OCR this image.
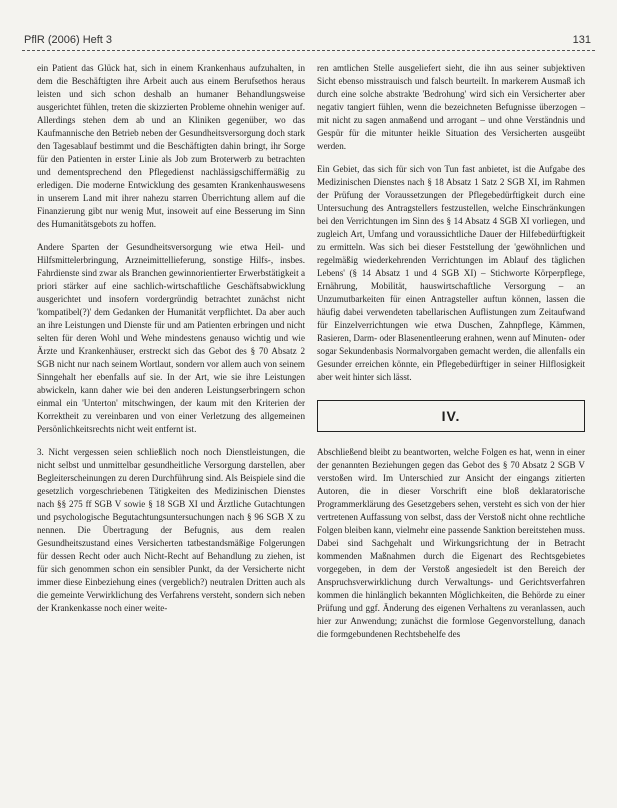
PflR (2006) Heft 3	131

ein Patient das Glück hat, sich in einem Krankenhaus aufzuhalten, in dem die Beschäftigten ihre Arbeit auch aus einem Berufsethos heraus leisten und sich schon deshalb an humaner Behandlungsweise ausgerichtet fühlen, treten die skizzierten Probleme ohnehin weniger auf. Allerdings stehen dem ab und an Kliniken gegenüber, wo das Kaufmannische den Betrieb neben der Gesundheitsversorgung doch stark den Tagesablauf bestimmt und die Beschäftigten dahin bringt, ihr Sorge für den Patienten in erster Linie als Job zum Broterwerb zu betrachten und dementsprechend den Pflegedienst nachlässigschiffermäßig zu erledigen. Die moderne Entwicklung des gesamten Krankenhauswesens in unserem Land mit ihrer nahezu starren Überrichtung allem auf die Finanzierung gibt nur wenig Mut, insoweit auf eine Besserung im Sinn des Humanitätsgebots zu hoffen.

Andere Sparten der Gesundheitsversorgung wie etwa Heil- und Hilfsmittelerbringung, Arzneimittellieferung, sonstige Hilfs-, insbes. Fahrdienste sind zwar als Branchen gewinnorientierter Erwerbstätigkeit a priori stärker auf eine sachlich-wirtschaftliche Geschäftsabwicklung ausgerichtet und insofern vordergründig betrachtet zunächst nicht 'kompatibel(?)' dem Gedanken der Humanität verpflichtet. Da aber auch an ihre Leistungen und Dienste für und am Patienten erbringen und nicht selten für deren Wohl und Wehe mindestens genauso wichtig und wie Ärzte und Krankenhäuser, erstreckt sich das Gebot des § 70 Absatz 2 SGB nicht nur nach seinem Wortlaut, sondern vor allem auch von seinem Sinngehalt her ebenfalls auf sie. In der Art, wie sie ihre Leistungen abwickeln, kann daher wie bei den anderen Leistungserbringern schon einmal ein 'Unterton' mitschwingen, der kaum mit den Kriterien der Korrektheit zu vereinbaren und von einer Verletzung des allgemeinen Persönlichkeitsrechts nicht weit entfernt ist.

3. Nicht vergessen seien schließlich noch noch Dienstleistungen, die nicht selbst und unmittelbar gesundheitliche Versorgung darstellen, aber Begleiterscheinungen zu deren Durchführung sind. Als Beispiele sind die gesetzlich vorgeschriebenen Tätigkeiten des Medizinischen Dienstes nach §§ 275 ff SGB V sowie § 18 SGB XI und Ärztliche Gutachtungen und psychologische Begutachtungsuntersuchungen nach § 96 SGB X zu nennen. Die Übertragung der Befugnis, aus dem realen Gesundheitszustand eines Versicherten tatbestandsmäßige Folgerungen für dessen Recht oder auch Nicht-Recht auf Behandlung zu ziehen, ist für sich genommen schon ein sensibler Punkt, da der Versicherte nicht immer diese Einbeziehung eines (vergeblich?) neutralen Dritten auch als die gemeinte Verwirklichung des Verfahrens versteht, sondern sich neben der Krankenkasse noch einer weite-

ren amtlichen Stelle ausgeliefert sieht, die ihn aus seiner subjektiven Sicht ebenso misstrauisch und falsch beurteilt. In markerem Ausmaß ich durch eine solche abstrakte 'Bedrohung' wird sich ein Versicherter aber negativ tangiert fühlen, wenn die bezeichneten Befugnisse überzogen – mit nicht zu sagen anmaßend und arrogant – und ohne Verständnis und Gespür für die mitunter heikle Situation des Versicherten ausgeübt werden.

Ein Gebiet, das sich für sich von Tun fast anbietet, ist die Aufgabe des Medizinischen Dienstes nach § 18 Absatz 1 Satz 2 SGB XI, im Rahmen der Prüfung der Voraussetzungen der Pflegebedürftigkeit durch eine Untersuchung des Antragstellers festzustellen, welche Einschränkungen bei den Verrichtungen im Sinn des § 14 Absatz 4 SGB XI vorliegen, und zugleich Art, Umfang und voraussichtliche Dauer der Hilfebedürftigkeit zu ermitteln. Was sich bei dieser Feststellung der 'gewöhnlichen und regelmäßig wiederkehrenden Verrichtungen im Ablauf des täglichen Lebens' (§ 14 Absatz 1 und 4 SGB XI) – Stichworte Körperpflege, Ernährung, Mobilität, hauswirtschaftliche Versorgung – an Unzumutbarkeiten für einen Antragsteller auftun können, lassen die häufig dabei verwendeten tabellarischen Auflistungen zum Zeitaufwand für Einzelverrichtungen wie etwa Duschen, Zahnpflege, Kämmen, Rasieren, Darm- oder Blasenentleerung erahnen, wenn auf Minuten- oder sogar Sekundenbasis Normalvorgaben gemacht werden, die allenfalls ein Gesunder erreichen könnte, ein Pflegebedürftiger in seiner Hilflosigkeit aber weit hinter sich lässt.

IV.

Abschließend bleibt zu beantworten, welche Folgen es hat, wenn in einer der genannten Beziehungen gegen das Gebot des § 70 Absatz 2 SGB V verstoßen wird. Im Unterschied zur Ansicht der eingangs zitierten Autoren, die in dieser Vorschrift eine bloß deklaratorische Programmerklärung des Gesetzgebers sehen, versteht es sich von der hier vertretenen Auffassung von selbst, dass der Verstoß nicht ohne rechtliche Folgen bleiben kann, vielmehr eine passende Sanktion bereitstehen muss. Dabei sind Sachgehalt und Wirkungsrichtung der in Betracht kommenden Maßnahmen durch die Eigenart des Rechtsgebietes vorgegeben, in dem der Verstoß angesiedelt ist den Bereich der Anspruchsverwirklichung durch Verwaltungs- und Gerichtsverfahren kommen die hinlänglich bekannten Möglichkeiten, die Behörde zu einer Prüfung und ggf. Änderung des eigenen Verhaltens zu veranlassen, auch hier zur Anwendung; zunächst die formlose Gegenvorstellung, danach die formgebundenen Rechtsbehelfe des
